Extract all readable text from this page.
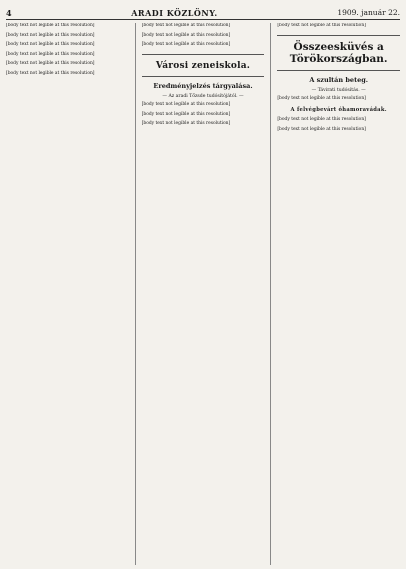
4	ARADI KÖZLÖNY.	1909. január 22.

[body text not legible at this resolution]

[body text not legible at this resolution]

[body text not legible at this resolution]

[body text not legible at this resolution]

[body text not legible at this resolution]

[body text not legible at this resolution]

[body text not legible at this resolution]

[body text not legible at this resolution]

[body text not legible at this resolution]

Városi zeneiskola.
Eredményjelzés tárgyalása.

— Az aradi Tőzsde tudósítójától. —

[body text not legible at this resolution]

[body text not legible at this resolution]

[body text not legible at this resolution]

[body text not legible at this resolution]

Összeesküvés a Törökországban.
A szultán beteg.

— Távirati tudósítás. —

[body text not legible at this resolution]

A felvégbevárt óhamoravádak.

[body text not legible at this resolution]

[body text not legible at this resolution]
